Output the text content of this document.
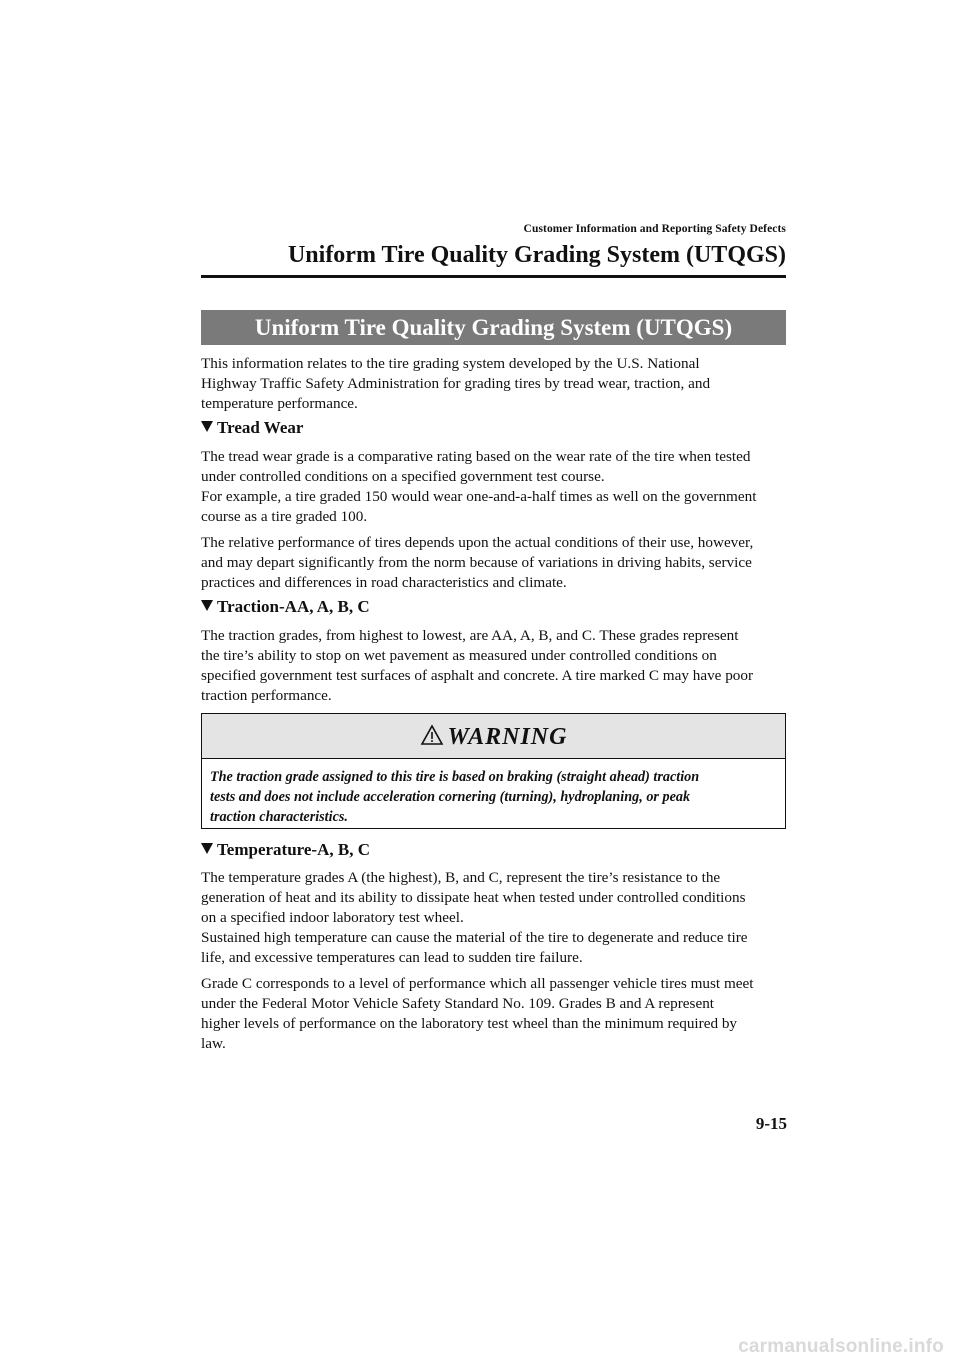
Customer Information and Reporting Safety Defects
Uniform Tire Quality Grading System (UTQGS)
Uniform Tire Quality Grading System (UTQGS)

This information relates to the tire grading system developed by the U.S. National
Highway Traffic Safety Administration for grading tires by tread wear, traction, and
temperature performance.

Tread Wear

The tread wear grade is a comparative rating based on the wear rate of the tire when tested
under controlled conditions on a specified government test course.
For example, a tire graded 150 would wear one-and-a-half times as well on the government
course as a tire graded 100.

The relative performance of tires depends upon the actual conditions of their use, however,
and may depart significantly from the norm because of variations in driving habits, service
practices and differences in road characteristics and climate.

Traction-AA, A, B, C

The traction grades, from highest to lowest, are AA, A, B, and C. These grades represent
the tire’s ability to stop on wet pavement as measured under controlled conditions on
specified government test surfaces of asphalt and concrete. A tire marked C may have poor
traction performance.

WARNING

The traction grade assigned to this tire is based on braking (straight ahead) traction
tests and does not include acceleration cornering (turning), hydroplaning, or peak
traction characteristics.

Temperature-A, B, C

The temperature grades A (the highest), B, and C, represent the tire’s resistance to the
generation of heat and its ability to dissipate heat when tested under controlled conditions
on a specified indoor laboratory test wheel.
Sustained high temperature can cause the material of the tire to degenerate and reduce tire
life, and excessive temperatures can lead to sudden tire failure.

Grade C corresponds to a level of performance which all passenger vehicle tires must meet
under the Federal Motor Vehicle Safety Standard No. 109. Grades B and A represent
higher levels of performance on the laboratory test wheel than the minimum required by
law.

9-15
carmanualsonline.info
